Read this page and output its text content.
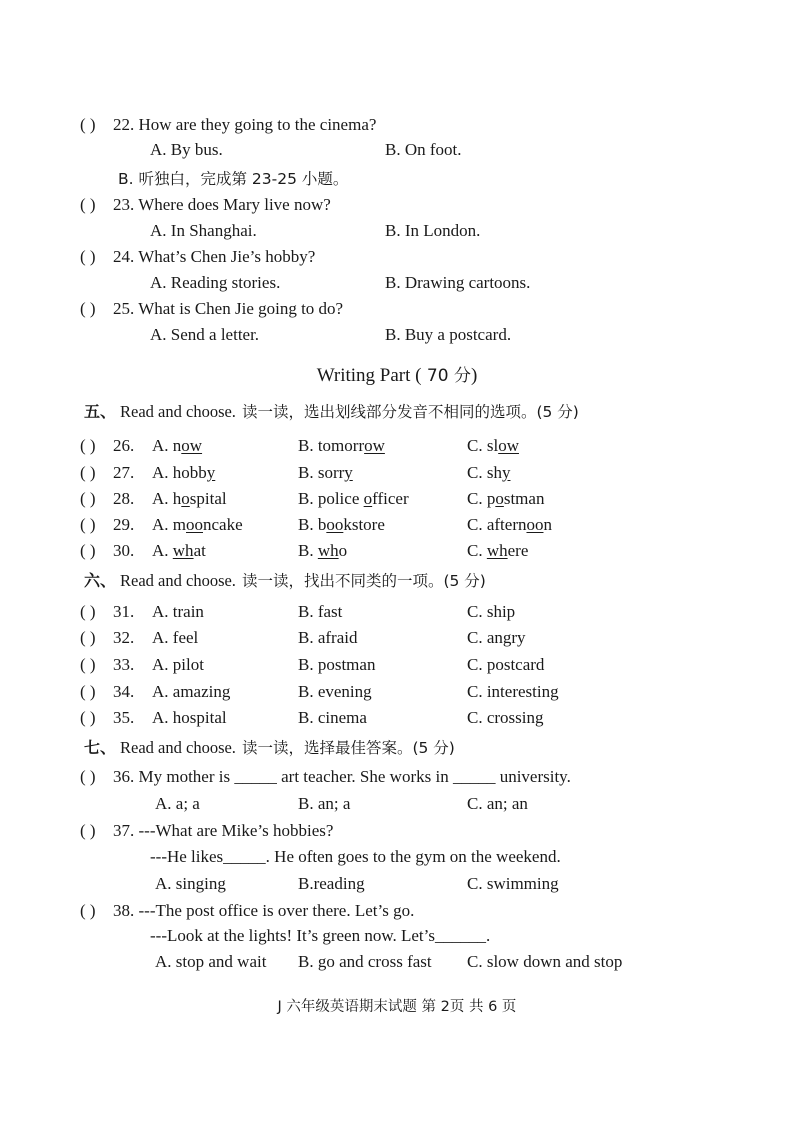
( ) 22. How are they going to the cinema?
A. By bus.	B. On foot.
B. 听独白，完成第 23-25 小题。
( ) 23. Where does Mary live now?
A. In Shanghai.	B. In London.
( ) 24. What’s Chen Jie’s hobby?
A. Reading stories.	B. Drawing cartoons.
( ) 25. What is Chen Jie going to do?
A. Send a letter.	B. Buy a postcard.
Writing Part ( 70 分)
五、 Read and choose. 读一读，选出划线部分发音不相同的选项。(5 分)
( ) 26. A. now	B. tomorrow	C. slow
( ) 27. A. hobby	B. sorry	C. shy
( ) 28. A. hospital	B. police officer	C. postman
( ) 29. A. mooncake	B. bookstore	C. afternoon
( ) 30. A. what	B. who	C. where
六、 Read and choose. 读一读，找出不同类的一项。(5 分)
( ) 31. A. train	B. fast	C. ship
( ) 32. A. feel	B. afraid	C. angry
( ) 33. A. pilot	B. postman	C. postcard
( ) 34. A. amazing	B. evening	C. interesting
( ) 35. A. hospital	B. cinema	C. crossing
七、 Read and choose. 读一读，选择最佳答案。(5 分)
( ) 36. My mother is _____ art teacher. She works in _____ university.
A. a; a	B. an; a	C. an; an
( ) 37. ---What are Mike’s hobbies?
---He likes_____. He often goes to the gym on the weekend.
A. singing	B.reading	C. swimming
( ) 38. ---The post office is over there. Let’s go.
---Look at the lights! It’s green now. Let’s______.
A. stop and wait B. go and cross fast C. slow down and stop
J 六年级英语期末试题 第 2页 共 6 页
